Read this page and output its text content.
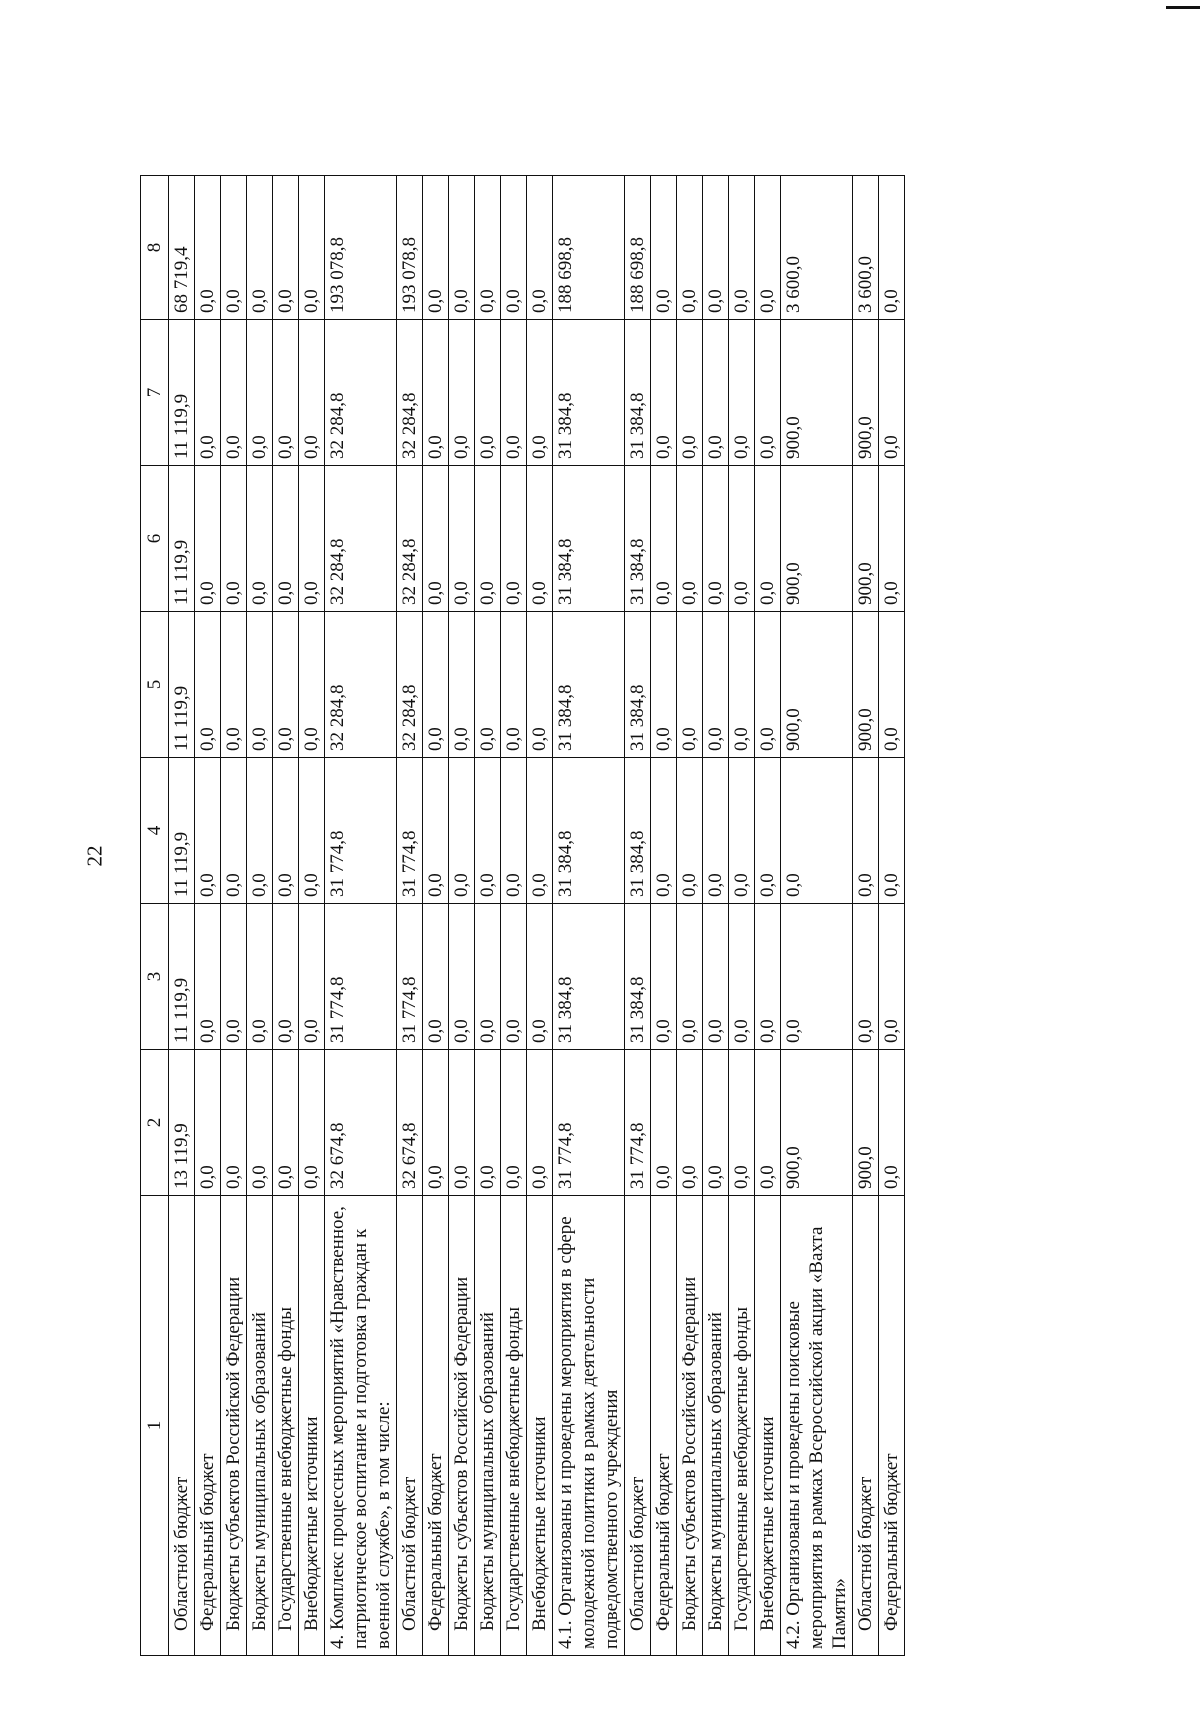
22
1	2	3	4	5	6	7	8
Областной бюджет	13 119,9	11 119,9	11 119,9	11 119,9	11 119,9	11 119,9	68 719,4
Федеральный бюджет	0,0	0,0	0,0	0,0	0,0	0,0	0,0
Бюджеты субъектов Российской Федерации	0,0	0,0	0,0	0,0	0,0	0,0	0,0
Бюджеты муниципальных образований	0,0	0,0	0,0	0,0	0,0	0,0	0,0
Государственные внебюджетные фонды	0,0	0,0	0,0	0,0	0,0	0,0	0,0
Внебюджетные источники	0,0	0,0	0,0	0,0	0,0	0,0	0,0
4. Комплекс процессных мероприятий «Нравственное, патриотическое воспитание и подготовка граждан к военной службе», в том числе:	32 674,8	31 774,8	31 774,8	32 284,8	32 284,8	32 284,8	193 078,8
Областной бюджет	32 674,8	31 774,8	31 774,8	32 284,8	32 284,8	32 284,8	193 078,8
Федеральный бюджет	0,0	0,0	0,0	0,0	0,0	0,0	0,0
Бюджеты субъектов Российской Федерации	0,0	0,0	0,0	0,0	0,0	0,0	0,0
Бюджеты муниципальных образований	0,0	0,0	0,0	0,0	0,0	0,0	0,0
Государственные внебюджетные фонды	0,0	0,0	0,0	0,0	0,0	0,0	0,0
Внебюджетные источники	0,0	0,0	0,0	0,0	0,0	0,0	0,0
4.1. Организованы и проведены мероприятия в сфере молодежной политики в рамках деятельности подведомственного учреждения	31 774,8	31 384,8	31 384,8	31 384,8	31 384,8	31 384,8	188 698,8
Областной бюджет	31 774,8	31 384,8	31 384,8	31 384,8	31 384,8	31 384,8	188 698,8
Федеральный бюджет	0,0	0,0	0,0	0,0	0,0	0,0	0,0
Бюджеты субъектов Российской Федерации	0,0	0,0	0,0	0,0	0,0	0,0	0,0
Бюджеты муниципальных образований	0,0	0,0	0,0	0,0	0,0	0,0	0,0
Государственные внебюджетные фонды	0,0	0,0	0,0	0,0	0,0	0,0	0,0
Внебюджетные источники	0,0	0,0	0,0	0,0	0,0	0,0	0,0
4.2. Организованы и проведены поисковые мероприятия в рамках Всероссийской акции «Вахта Памяти»	900,0	0,0	0,0	900,0	900,0	900,0	3 600,0
Областной бюджет	900,0	0,0	0,0	900,0	900,0	900,0	3 600,0
Федеральный бюджет	0,0	0,0	0,0	0,0	0,0	0,0	0,0
